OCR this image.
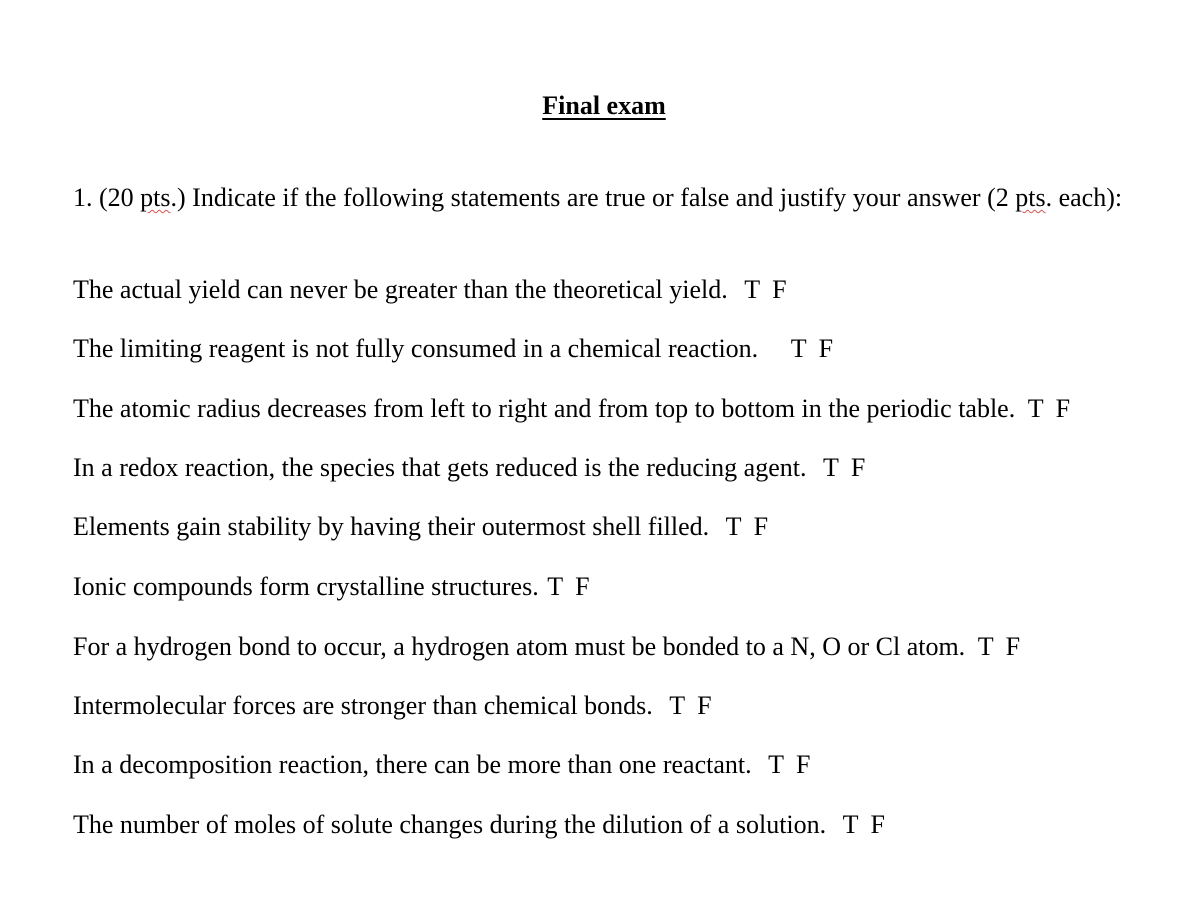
Final exam
1. (20 pts.) Indicate if the following statements are true or false and justify your answer (2 pts. each):
The actual yield can never be greater than the theoretical yield. T F
The limiting reagent is not fully consumed in a chemical reaction. T F
The atomic radius decreases from left to right and from top to bottom in the periodic table. T F
In a redox reaction, the species that gets reduced is the reducing agent. T F
Elements gain stability by having their outermost shell filled. T F
Ionic compounds form crystalline structures. T F
For a hydrogen bond to occur, a hydrogen atom must be bonded to a N, O or Cl atom. T F
Intermolecular forces are stronger than chemical bonds. T F
In a decomposition reaction, there can be more than one reactant. T F
The number of moles of solute changes during the dilution of a solution. T F
